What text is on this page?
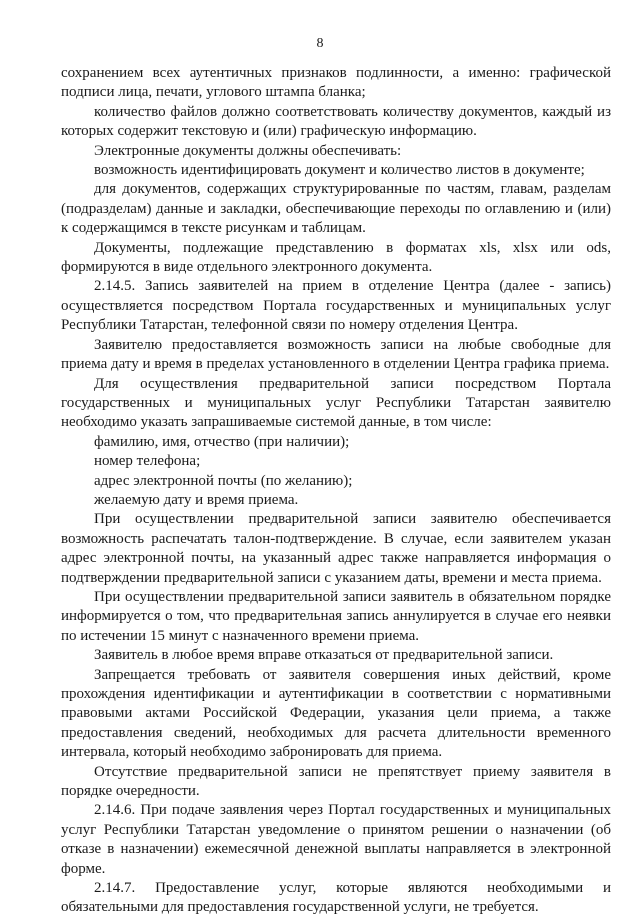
8

сохранением всех аутентичных признаков подлинности, а именно: графической подписи лица, печати, углового штампа бланка;

количество файлов должно соответствовать количеству документов, каждый из которых содержит текстовую и (или) графическую информацию.

Электронные документы должны обеспечивать:

возможность идентифицировать документ и количество листов в документе;

для документов, содержащих структурированные по частям, главам, разделам (подразделам) данные и закладки, обеспечивающие переходы по оглавлению и (или) к содержащимся в тексте рисункам и таблицам.

Документы, подлежащие представлению в форматах xls, xlsx или ods, формируются в виде отдельного электронного документа.

2.14.5. Запись заявителей на прием в отделение Центра (далее - запись) осуществляется посредством Портала государственных и муниципальных услуг Республики Татарстан, телефонной связи по номеру отделения Центра.

Заявителю предоставляется возможность записи на любые свободные для приема дату и время в пределах установленного в отделении Центра графика приема.

Для осуществления предварительной записи посредством Портала государственных и муниципальных услуг Республики Татарстан заявителю необходимо указать запрашиваемые системой данные, в том числе:

фамилию, имя, отчество (при наличии);

номер телефона;

адрес электронной почты (по желанию);

желаемую дату и время приема.

При осуществлении предварительной записи заявителю обеспечивается возможность распечатать талон-подтверждение. В случае, если заявителем указан адрес электронной почты, на указанный адрес также направляется информация о подтверждении предварительной записи с указанием даты, времени и места приема.

При осуществлении предварительной записи заявитель в обязательном порядке информируется о том, что предварительная запись аннулируется в случае его неявки по истечении 15 минут с назначенного времени приема.

Заявитель в любое время вправе отказаться от предварительной записи.

Запрещается требовать от заявителя совершения иных действий, кроме прохождения идентификации и аутентификации в соответствии с нормативными правовыми актами Российской Федерации, указания цели приема, а также предоставления сведений, необходимых для расчета длительности временного интервала, который необходимо забронировать для приема.

Отсутствие предварительной записи не препятствует приему заявителя в порядке очередности.

2.14.6. При подаче заявления через Портал государственных и муниципальных услуг Республики Татарстан уведомление о принятом решении о назначении (об отказе в назначении) ежемесячной денежной выплаты направляется в электронной форме.

2.14.7. Предоставление услуг, которые являются необходимыми и обязательными для предоставления государственной услуги, не требуется.
